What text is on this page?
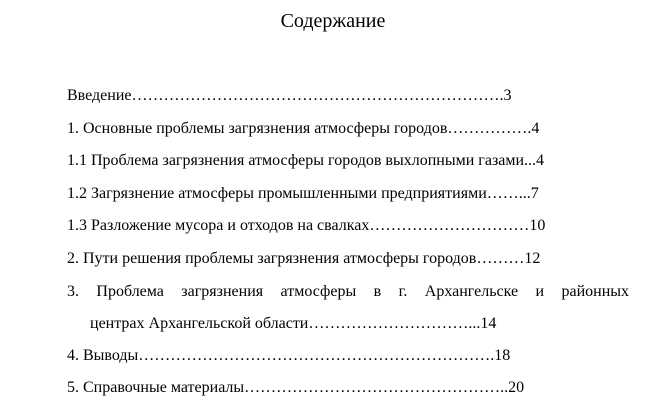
Содержание
Введение…………………………………………………………….3
1. Основные проблемы загрязнения атмосферы городов…………….4
1.1 Проблема загрязнения атмосферы городов выхлопными газами...4
1.2 Загрязнение атмосферы промышленными предприятиями……...7
1.3 Разложение мусора и отходов на свалках…………………………10
2. Пути решения проблемы загрязнения атмосферы городов………12
3. Проблема загрязнения атмосферы в г. Архангельске и районных
центрах Архангельской области…………………………...14
4. Выводы………………………………………………………….18
5. Справочные материалы…………………………………………..20
